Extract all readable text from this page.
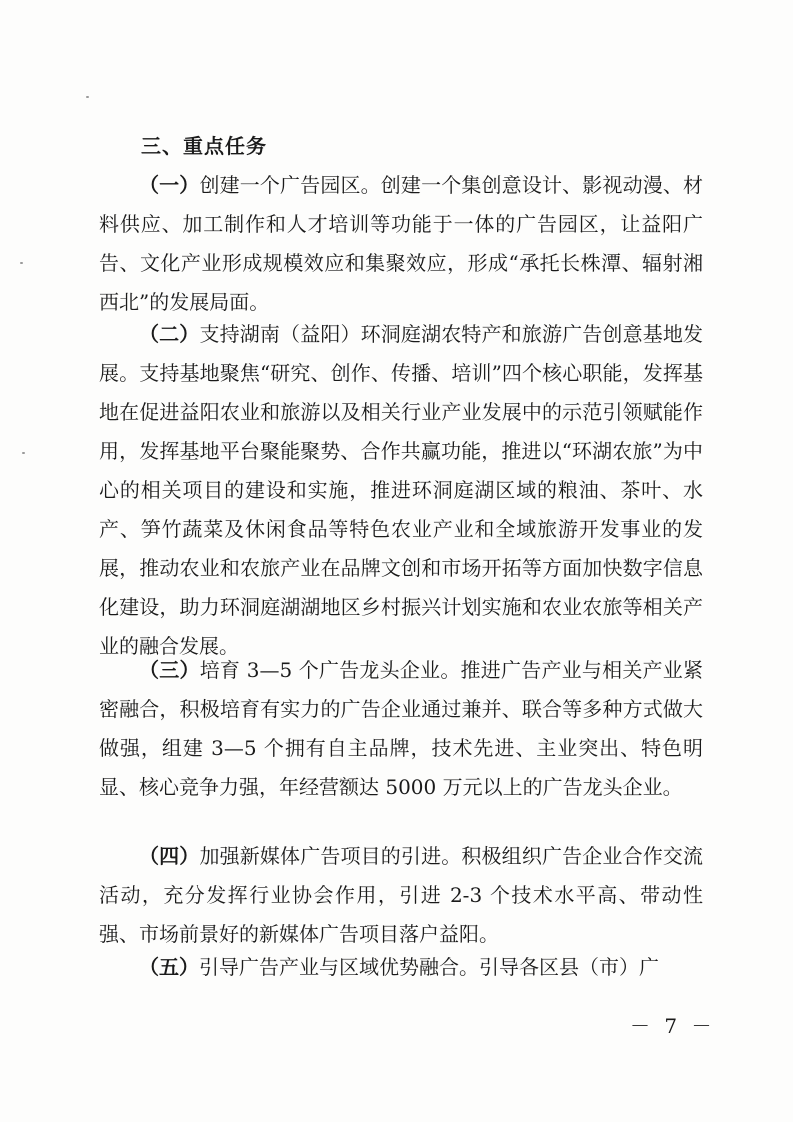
三、重点任务

（一）创建一个广告园区。创建一个集创意设计、影视动漫、材料供应、加工制作和人才培训等功能于一体的广告园区，让益阳广告、文化产业形成规模效应和集聚效应，形成“承托长株潭、辐射湘西北”的发展局面。

（二）支持湖南（益阳）环洞庭湖农特产和旅游广告创意基地发展。支持基地聚焦“研究、创作、传播、培训”四个核心职能，发挥基地在促进益阳农业和旅游以及相关行业产业发展中的示范引领赋能作用，发挥基地平台聚能聚势、合作共赢功能，推进以“环湖农旅”为中心的相关项目的建设和实施，推进环洞庭湖区域的粮油、茶叶、水产、笋竹蔬菜及休闲食品等特色农业产业和全域旅游开发事业的发展，推动农业和农旅产业在品牌文创和市场开拓等方面加快数字信息化建设，助力环洞庭湖湖地区乡村振兴计划实施和农业农旅等相关产业的融合发展。

（三）培育 3—5 个广告龙头企业。推进广告产业与相关产业紧密融合，积极培育有实力的广告企业通过兼并、联合等多种方式做大做强，组建 3—5 个拥有自主品牌，技术先进、主业突出、特色明显、核心竞争力强，年经营额达 5000 万元以上的广告龙头企业。

（四）加强新媒体广告项目的引进。积极组织广告企业合作交流活动，充分发挥行业协会作用，引进 2-3 个技术水平高、带动性强、市场前景好的新媒体广告项目落户益阳。

（五）引导广告产业与区域优势融合。引导各区县（市）广

－ 7 －
